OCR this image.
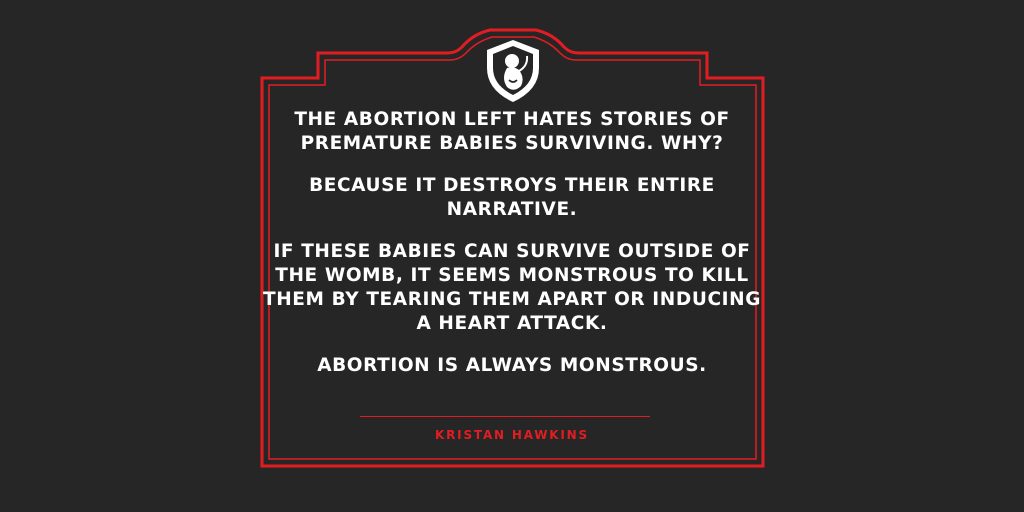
THE ABORTION LEFT HATES STORIES OF PREMATURE BABIES SURVIVING. WHY?

BECAUSE IT DESTROYS THEIR ENTIRE NARRATIVE.

IF THESE BABIES CAN SURVIVE OUTSIDE OF THE WOMB, IT SEEMS MONSTROUS TO KILL THEM BY TEARING THEM APART OR INDUCING A HEART ATTACK.

ABORTION IS ALWAYS MONSTROUS.

KRISTAN HAWKINS
